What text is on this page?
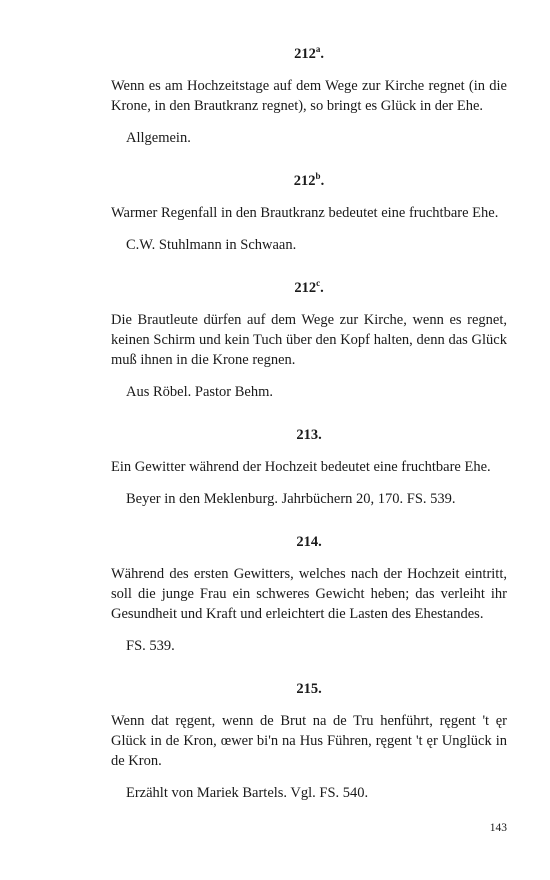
212$^a$.

Wenn es am Hochzeitstage auf dem Wege zur Kirche regnet (in die Krone, in den Brautkranz regnet), so bringt es Glück in der Ehe.

Allgemein.

212$^b$.

Warmer Regenfall in den Brautkranz bedeutet eine fruchtbare Ehe.

C.W. Stuhlmann in Schwaan.

212$^c$.

Die Brautleute dürfen auf dem Wege zur Kirche, wenn es regnet, keinen Schirm und kein Tuch über den Kopf halten, denn das Glück muß ihnen in die Krone regnen.

Aus Röbel. Pastor Behm.

213.

Ein Gewitter während der Hochzeit bedeutet eine fruchtbare Ehe.

Beyer in den Meklenburg. Jahrbüchern 20, 170. FS. 539.

214.

Während des ersten Gewitters, welches nach der Hochzeit eintritt, soll die junge Frau ein schweres Gewicht heben; das verleiht ihr Gesundheit und Kraft und erleichtert die Lasten des Ehestandes.

FS. 539.

215.

Wenn dat ręgent, wenn de Brut na de Tru henführt, ręgent 't ęr Glück in de Kron, œwer bi'n na Hus Führen, ręgent 't ęr Unglück in de Kron.

Erzählt von Mariek Bartels. Vgl. FS. 540.

143
